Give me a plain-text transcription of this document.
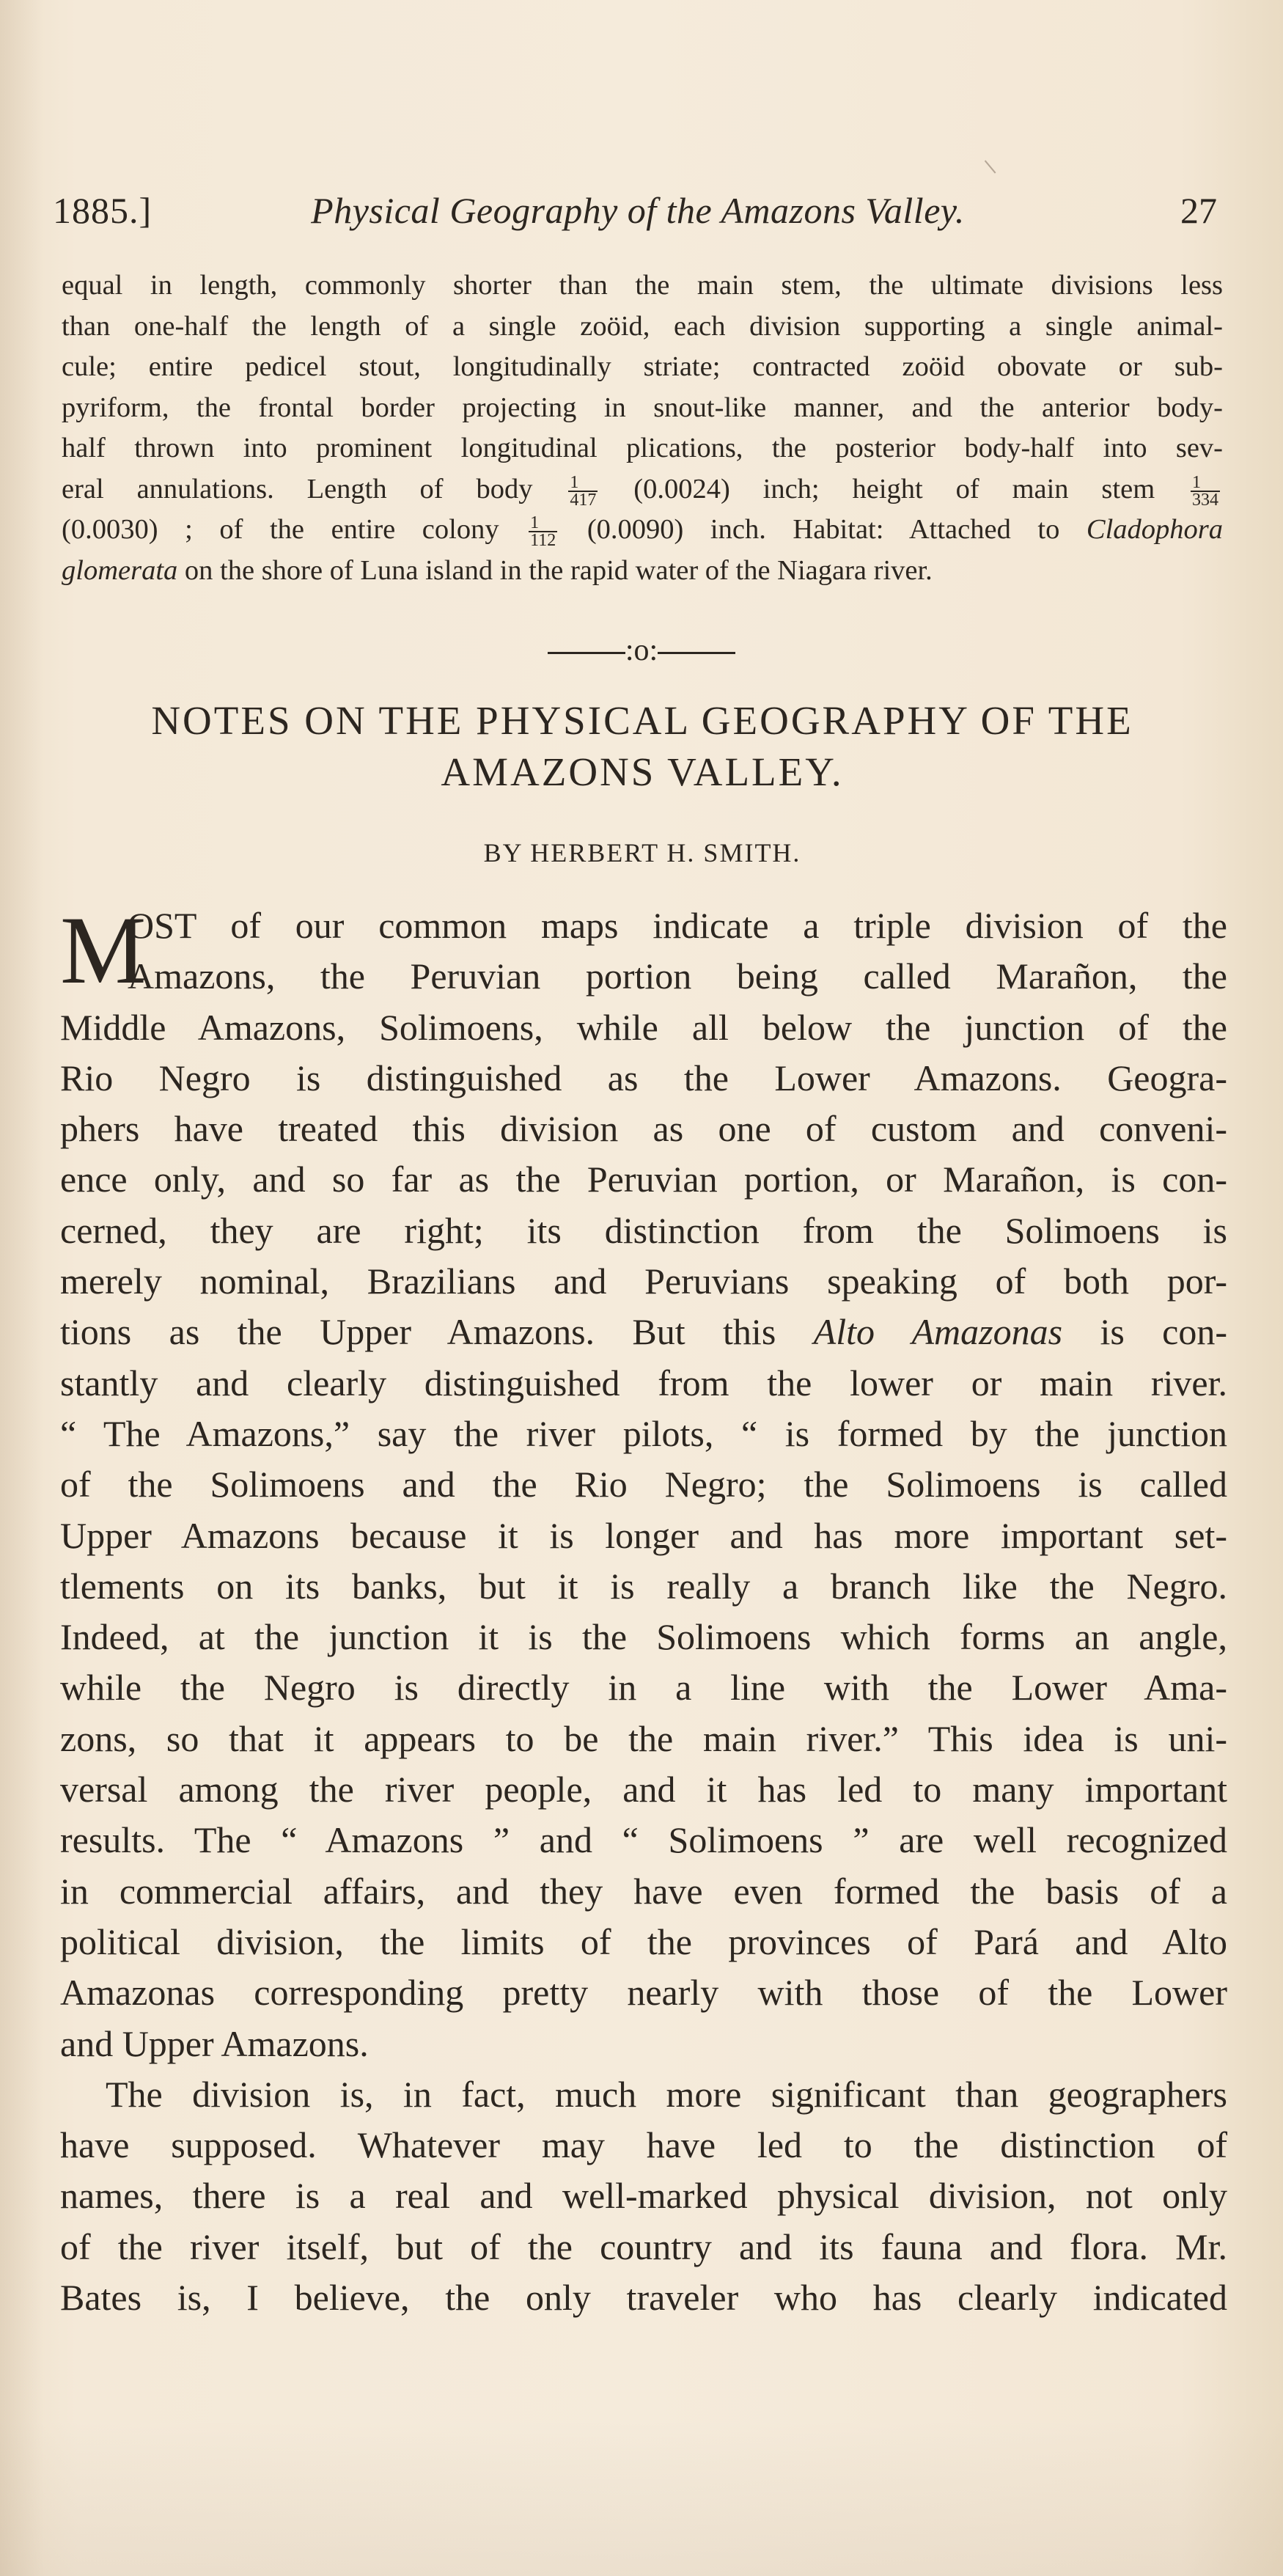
1885.]	Physical Geography of the Amazons Valley.	27
equal in length, commonly shorter than the main stem, the ultimate divisions less
than one-half the length of a single zoöid, each division supporting a single animal-
cule; entire pedicel stout, longitudinally striate; contracted zoöid obovate or sub-
pyriform, the frontal border projecting in snout-like manner, and the anterior body-
half thrown into prominent longitudinal plications, the posterior body-half into sev-
eral annulations. Length of body $\frac{1}{417} (0.0024)$ inch; height of main stem $\frac{1}{334}$
(0.0030) ; of the entire colony $\frac{1}{112} (0.0090)$ inch. Habitat: Attached to Cladophora
glomerata on the shore of Luna island in the rapid water of the Niagara river.
:o:
NOTES ON THE PHYSICAL GEOGRAPHY OF THE
AMAZONS VALLEY.
BY HERBERT H. SMITH.
M
OST of our common maps indicate a triple division of the
Amazons, the Peruvian portion being called Marañon, the
Middle Amazons, Solimoens, while all below the junction of the
Rio Negro is distinguished as the Lower Amazons. Geogra-
phers have treated this division as one of custom and conveni-
ence only, and so far as the Peruvian portion, or Marañon, is con-
cerned, they are right; its distinction from the Solimoens is
merely nominal, Brazilians and Peruvians speaking of both por-
tions as the Upper Amazons. But this Alto Amazonas is con-
stantly and clearly distinguished from the lower or main river.
“ The Amazons,” say the river pilots, “ is formed by the junction
of the Solimoens and the Rio Negro; the Solimoens is called
Upper Amazons because it is longer and has more important set-
tlements on its banks, but it is really a branch like the Negro.
Indeed, at the junction it is the Solimoens which forms an angle,
while the Negro is directly in a line with the Lower Ama-
zons, so that it appears to be the main river.” This idea is uni-
versal among the river people, and it has led to many important
results. The “ Amazons ” and “ Solimoens ” are well recognized
in commercial affairs, and they have even formed the basis of a
political division, the limits of the provinces of Pará and Alto
Amazonas corresponding pretty nearly with those of the Lower
and Upper Amazons.
The division is, in fact, much more significant than geographers
have supposed. Whatever may have led to the distinction of
names, there is a real and well-marked physical division, not only
of the river itself, but of the country and its fauna and flora. Mr.
Bates is, I believe, the only traveler who has clearly indicated
